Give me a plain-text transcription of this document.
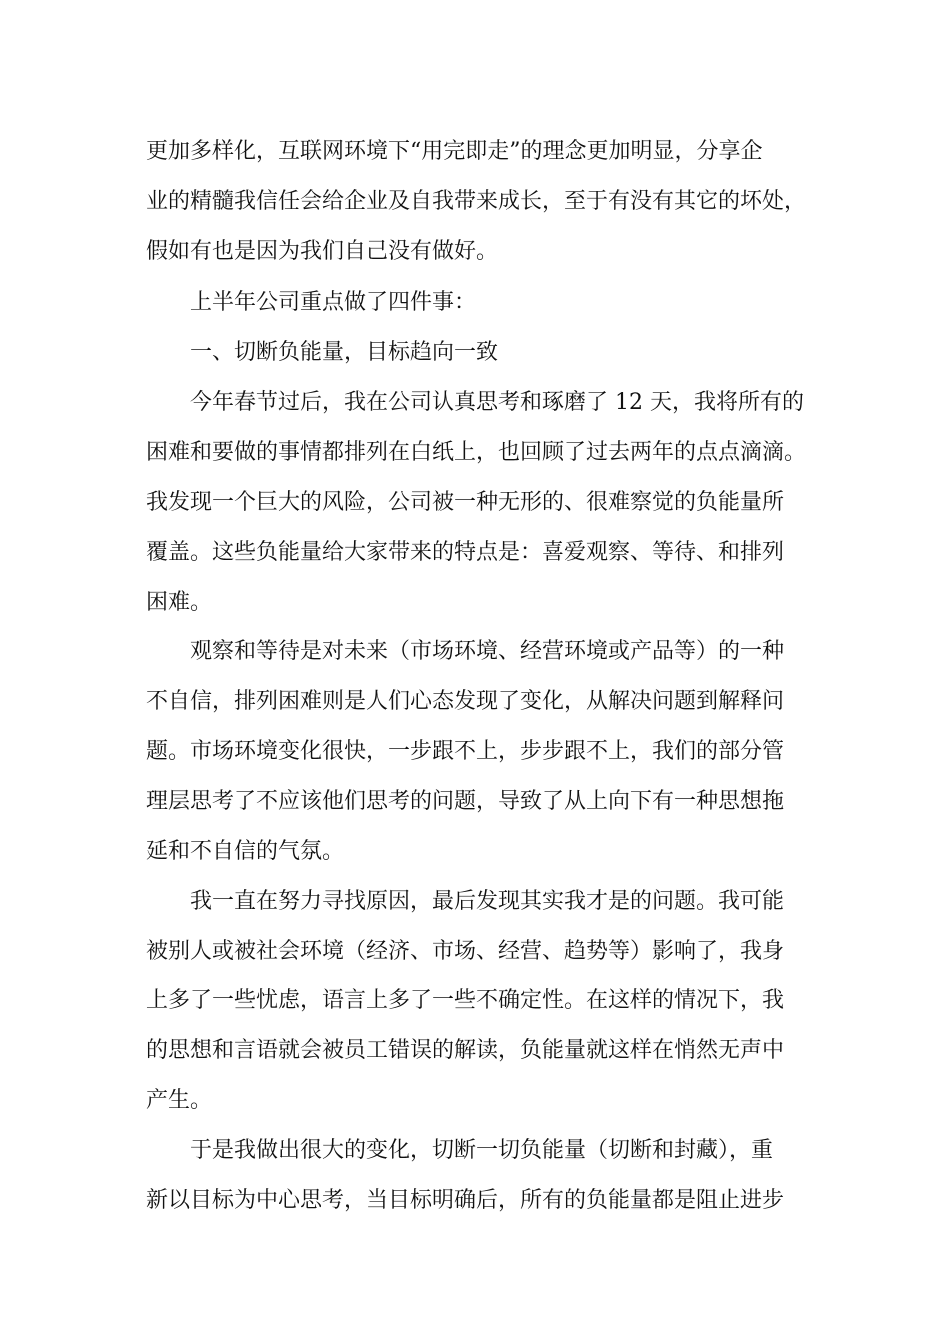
更加多样化，互联网环境下“用完即走”的理念更加明显，分享企

业的精髓我信任会给企业及自我带来成长，至于有没有其它的坏处，

假如有也是因为我们自己没有做好。

上半年公司重点做了四件事：

一、切断负能量，目标趋向一致

今年春节过后，我在公司认真思考和琢磨了 12 天，我将所有的

困难和要做的事情都排列在白纸上，也回顾了过去两年的点点滴滴。

我发现一个巨大的风险，公司被一种无形的、很难察觉的负能量所

覆盖。这些负能量给大家带来的特点是：喜爱观察、等待、和排列

困难。

观察和等待是对未来（市场环境、经营环境或产品等）的一种

不自信，排列困难则是人们心态发现了变化，从解决问题到解释问

题。市场环境变化很快，一步跟不上，步步跟不上，我们的部分管

理层思考了不应该他们思考的问题，导致了从上向下有一种思想拖

延和不自信的气氛。

我一直在努力寻找原因，最后发现其实我才是的问题。我可能

被别人或被社会环境（经济、市场、经营、趋势等）影响了，我身

上多了一些忧虑，语言上多了一些不确定性。在这样的情况下，我

的思想和言语就会被员工错误的解读，负能量就这样在悄然无声中

产生。

于是我做出很大的变化，切断一切负能量（切断和封藏），重

新以目标为中心思考，当目标明确后，所有的负能量都是阻止进步
